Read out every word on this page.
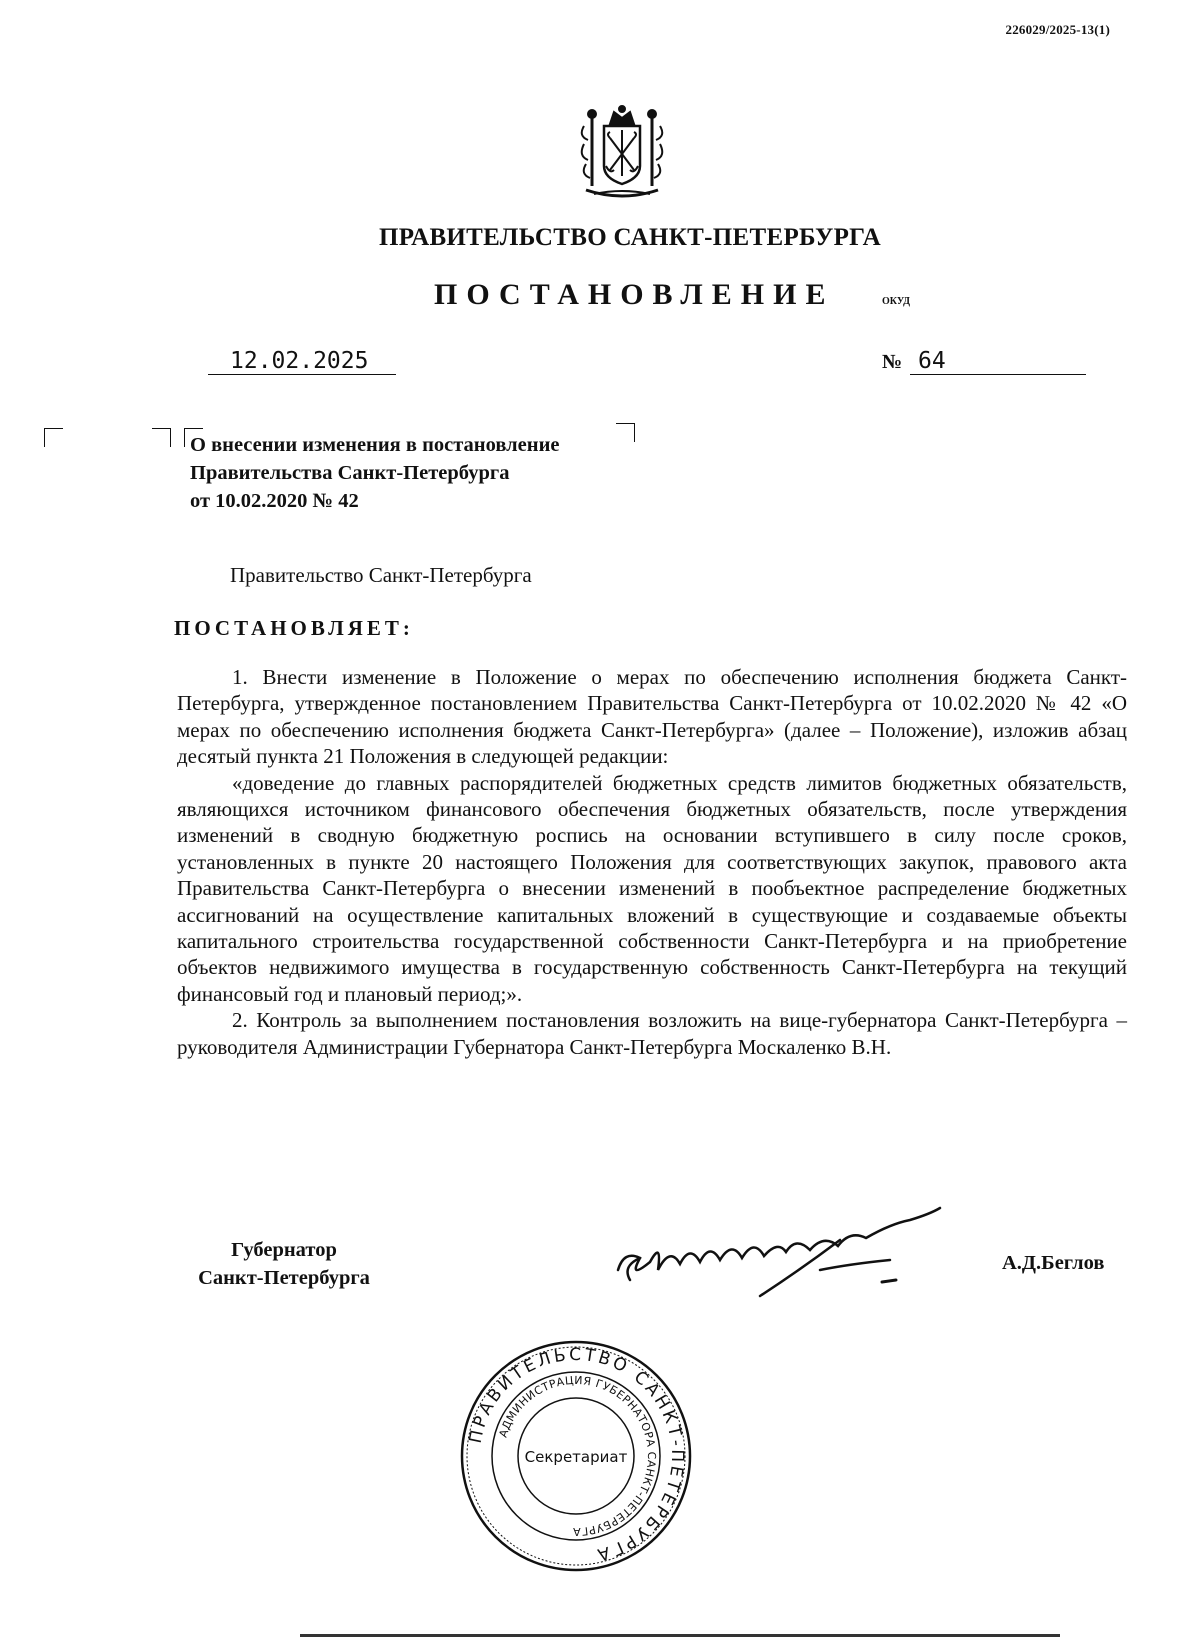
226029/2025-13(1)
ПРАВИТЕЛЬСТВО САНКТ-ПЕТЕРБУРГА
ПОСТАНОВЛЕНИЕ	ОКУД
12.02.2025	№ 64
О внесении изменения в постановление
Правительства Санкт-Петербурга
от 10.02.2020 № 42
Правительство Санкт-Петербурга
ПОСТАНОВЛЯЕТ:

1. Внести изменение в Положение о мерах по обеспечению исполнения бюджета Санкт-Петербурга, утвержденное постановлением Правительства Санкт-Петербурга от 10.02.2020 № 42 «О мерах по обеспечению исполнения бюджета Санкт-Петербурга» (далее – Положение), изложив абзац десятый пункта 21 Положения в следующей редакции:

«доведение до главных распорядителей бюджетных средств лимитов бюджетных обязательств, являющихся источником финансового обеспечения бюджетных обязательств, после утверждения изменений в сводную бюджетную роспись на основании вступившего в силу после сроков, установленных в пункте 20 настоящего Положения для соответствующих закупок, правового акта Правительства Санкт-Петербурга о внесении изменений в пообъектное распределение бюджетных ассигнований на осуществление капитальных вложений в существующие и создаваемые объекты капитального строительства государственной собственности Санкт-Петербурга и на приобретение объектов недвижимого имущества в государственную собственность Санкт-Петербурга на текущий финансовый год и плановый период;».

2. Контроль за выполнением постановления возложить на вице-губернатора Санкт-Петербурга – руководителя Администрации Губернатора Санкт-Петербурга Москаленко В.Н.

Губернатор
Санкт-Петербурга
А.Д.Беглов
ПРАВИТЕЛЬСТВО САНКТ-ПЕТЕРБУРГА
АДМИНИСТРАЦИЯ ГУБЕРНАТОРА САНКТ-ПЕТЕРБУРГА
Секретариат
